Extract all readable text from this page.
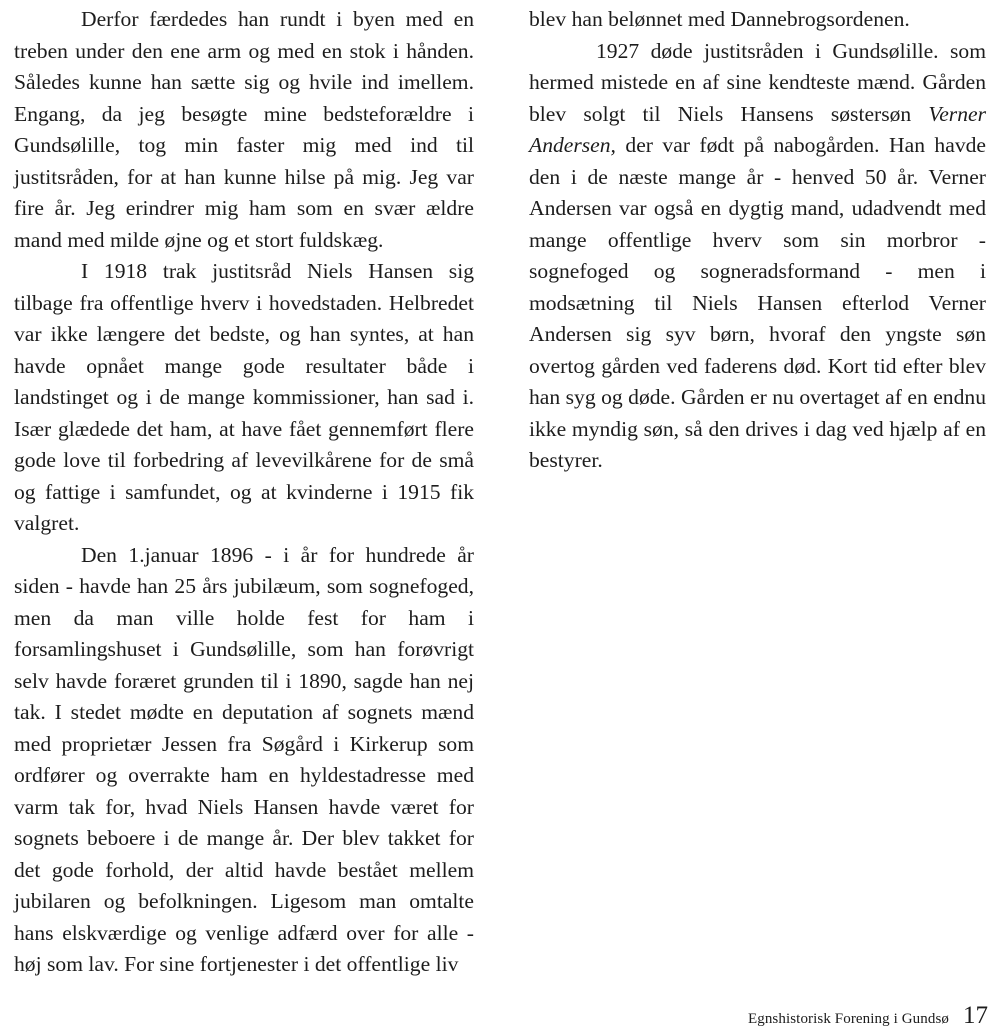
Derfor færdedes han rundt i byen med en treben under den ene arm og med en stok i hånden. Således kunne han sætte sig og hvile ind imellem. Engang, da jeg besøgte mine bedsteforældre i Gundsølille, tog min faster mig med ind til justitsråden, for at han kunne hilse på mig. Jeg var fire år. Jeg erindrer mig ham som en svær ældre mand med milde øjne og et stort fuldskæg.

I 1918 trak justitsråd Niels Hansen sig tilbage fra offentlige hverv i hovedstaden. Helbredet var ikke længere det bedste, og han syntes, at han havde opnået mange gode resultater både i landstinget og i de mange kommissioner, han sad i. Især glædede det ham, at have fået gennemført flere gode love til forbedring af levevilkårene for de små og fattige i samfundet, og at kvinderne i 1915 fik valgret.

Den 1.januar 1896 - i år for hundrede år siden - havde han 25 års jubilæum, som sognefoged, men da man ville holde fest for ham i forsamlingshuset i Gundsølille, som han forøvrigt selv havde foræret grunden til i 1890, sagde han nej tak. I stedet mødte en deputation af sognets mænd med proprietær Jessen fra Søgård i Kirkerup som ordfører og overrakte ham en hyldestadresse med varm tak for, hvad Niels Hansen havde været for sognets beboere i de mange år. Der blev takket for det gode forhold, der altid havde bestået mellem jubilaren og befolkningen. Ligesom man omtalte hans elskværdige og venlige adfærd over for alle - høj som lav. For sine fortjenester i det offentlige liv

blev han belønnet med Dannebrogsordenen.

1927 døde justitsråden i Gundsølille. som hermed mistede en af sine kendteste mænd. Gården blev solgt til Niels Hansens søstersøn Verner Andersen, der var født på nabogården. Han havde den i de næste mange år - henved 50 år. Verner Andersen var også en dygtig mand, udadvendt med mange offentlige hverv som sin morbror - sognefoged og sogneradsformand - men i modsætning til Niels Hansen efterlod Verner Andersen sig syv børn, hvoraf den yngste søn overtog gården ved faderens død. Kort tid efter blev han syg og døde. Gården er nu overtaget af en endnu ikke myndig søn, så den drives i dag ved hjælp af en bestyrer.

Egnshistorisk Forening i Gundsø 17
